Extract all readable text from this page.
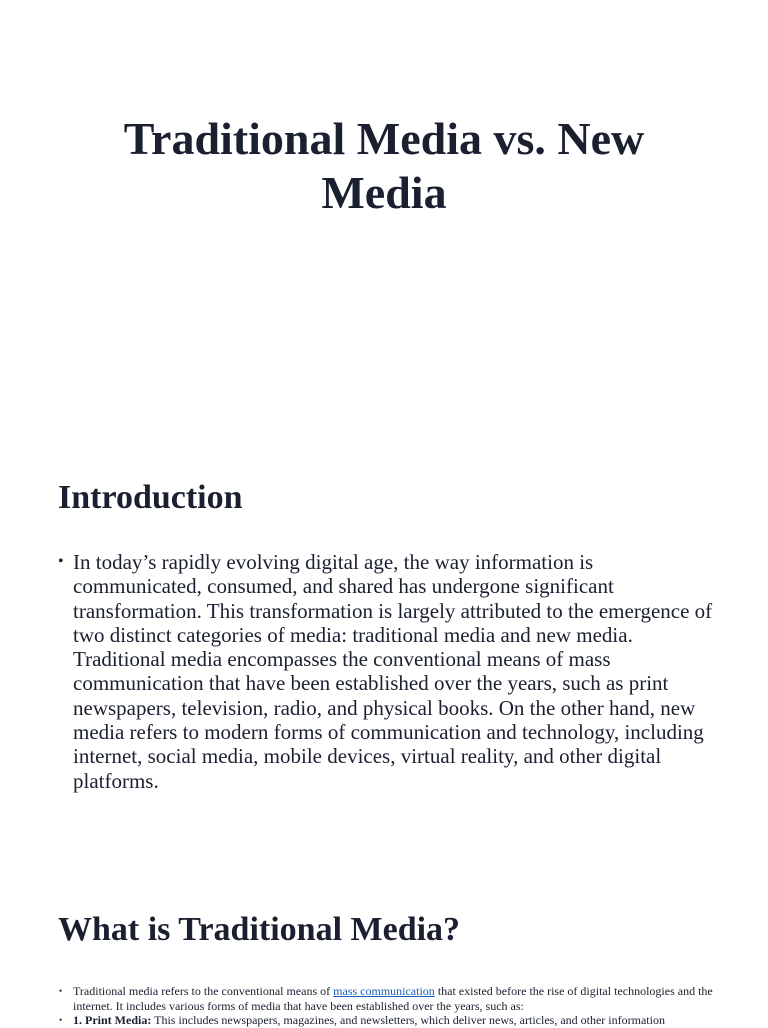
Traditional Media vs. New Media
Introduction
• In today’s rapidly evolving digital age, the way information is communicated, consumed, and shared has undergone significant transformation. This transformation is largely attributed to the emergence of two distinct categories of media: traditional media and new media. Traditional media encompasses the conventional means of mass communication that have been established over the years, such as print newspapers, television, radio, and physical books. On the other hand, new media refers to modern forms of communication and technology, including internet, social media, mobile devices, virtual reality, and other digital platforms.
What is Traditional Media?
• Traditional media refers to the conventional means of mass communication that existed before the rise of digital technologies and the internet. It includes various forms of media that have been established over the years, such as:
• 1. Print Media: This includes newspapers, magazines, and newsletters, which deliver news, articles, and other information
